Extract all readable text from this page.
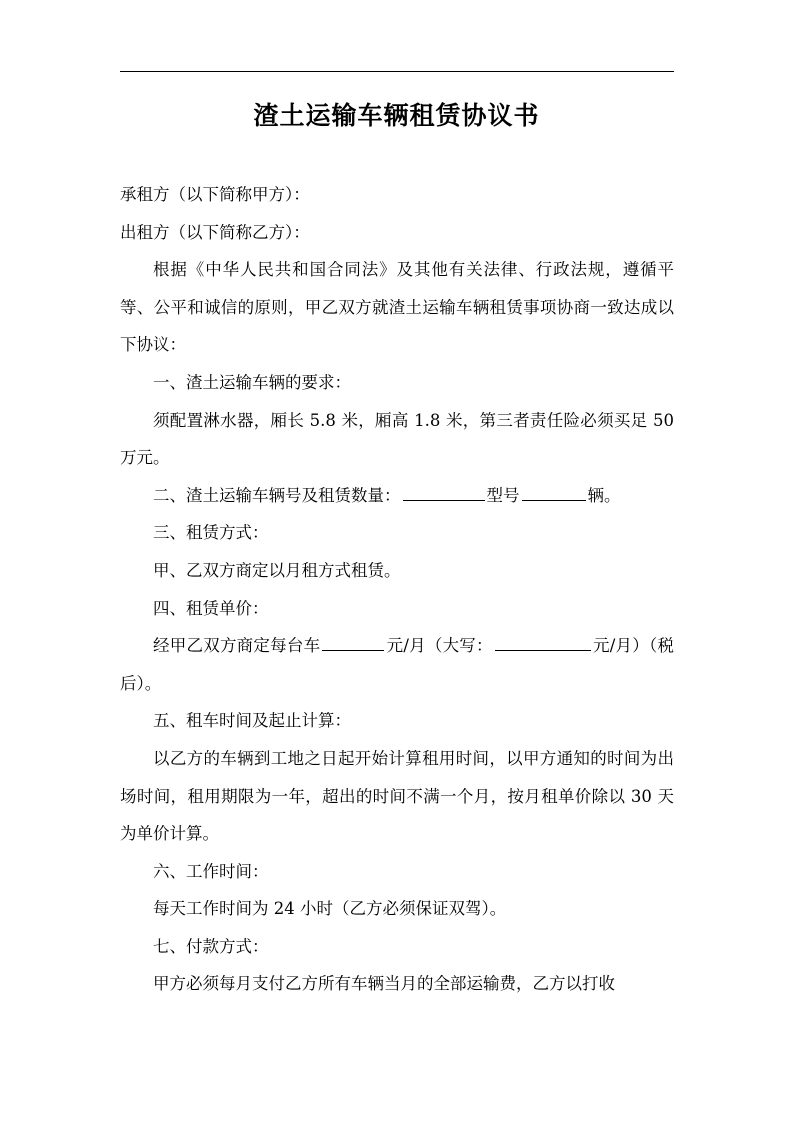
渣土运输车辆租赁协议书

承租方（以下简称甲方）：

出租方（以下简称乙方）：

根据《中华人民共和国合同法》及其他有关法律、行政法规，遵循平等、公平和诚信的原则，甲乙双方就渣土运输车辆租赁事项协商一致达成以下协议：

一、渣土运输车辆的要求：

须配置淋水器，厢长 5.8 米，厢高 1.8 米，第三者责任险必须买足 50 万元。

二、渣土运输车辆号及租赁数量：	型号	辆。

三、租赁方式：

甲、乙双方商定以月租方式租赁。

四、租赁单价：

经甲乙双方商定每台车	元/月（大写：	元/月）（税后）。

五、租车时间及起止计算：

以乙方的车辆到工地之日起开始计算租用时间，以甲方通知的时间为出场时间，租用期限为一年，超出的时间不满一个月，按月租单价除以 30 天为单价计算。

六、工作时间：

每天工作时间为 24 小时（乙方必须保证双驾）。

七、付款方式：

甲方必须每月支付乙方所有车辆当月的全部运输费，乙方以打收
